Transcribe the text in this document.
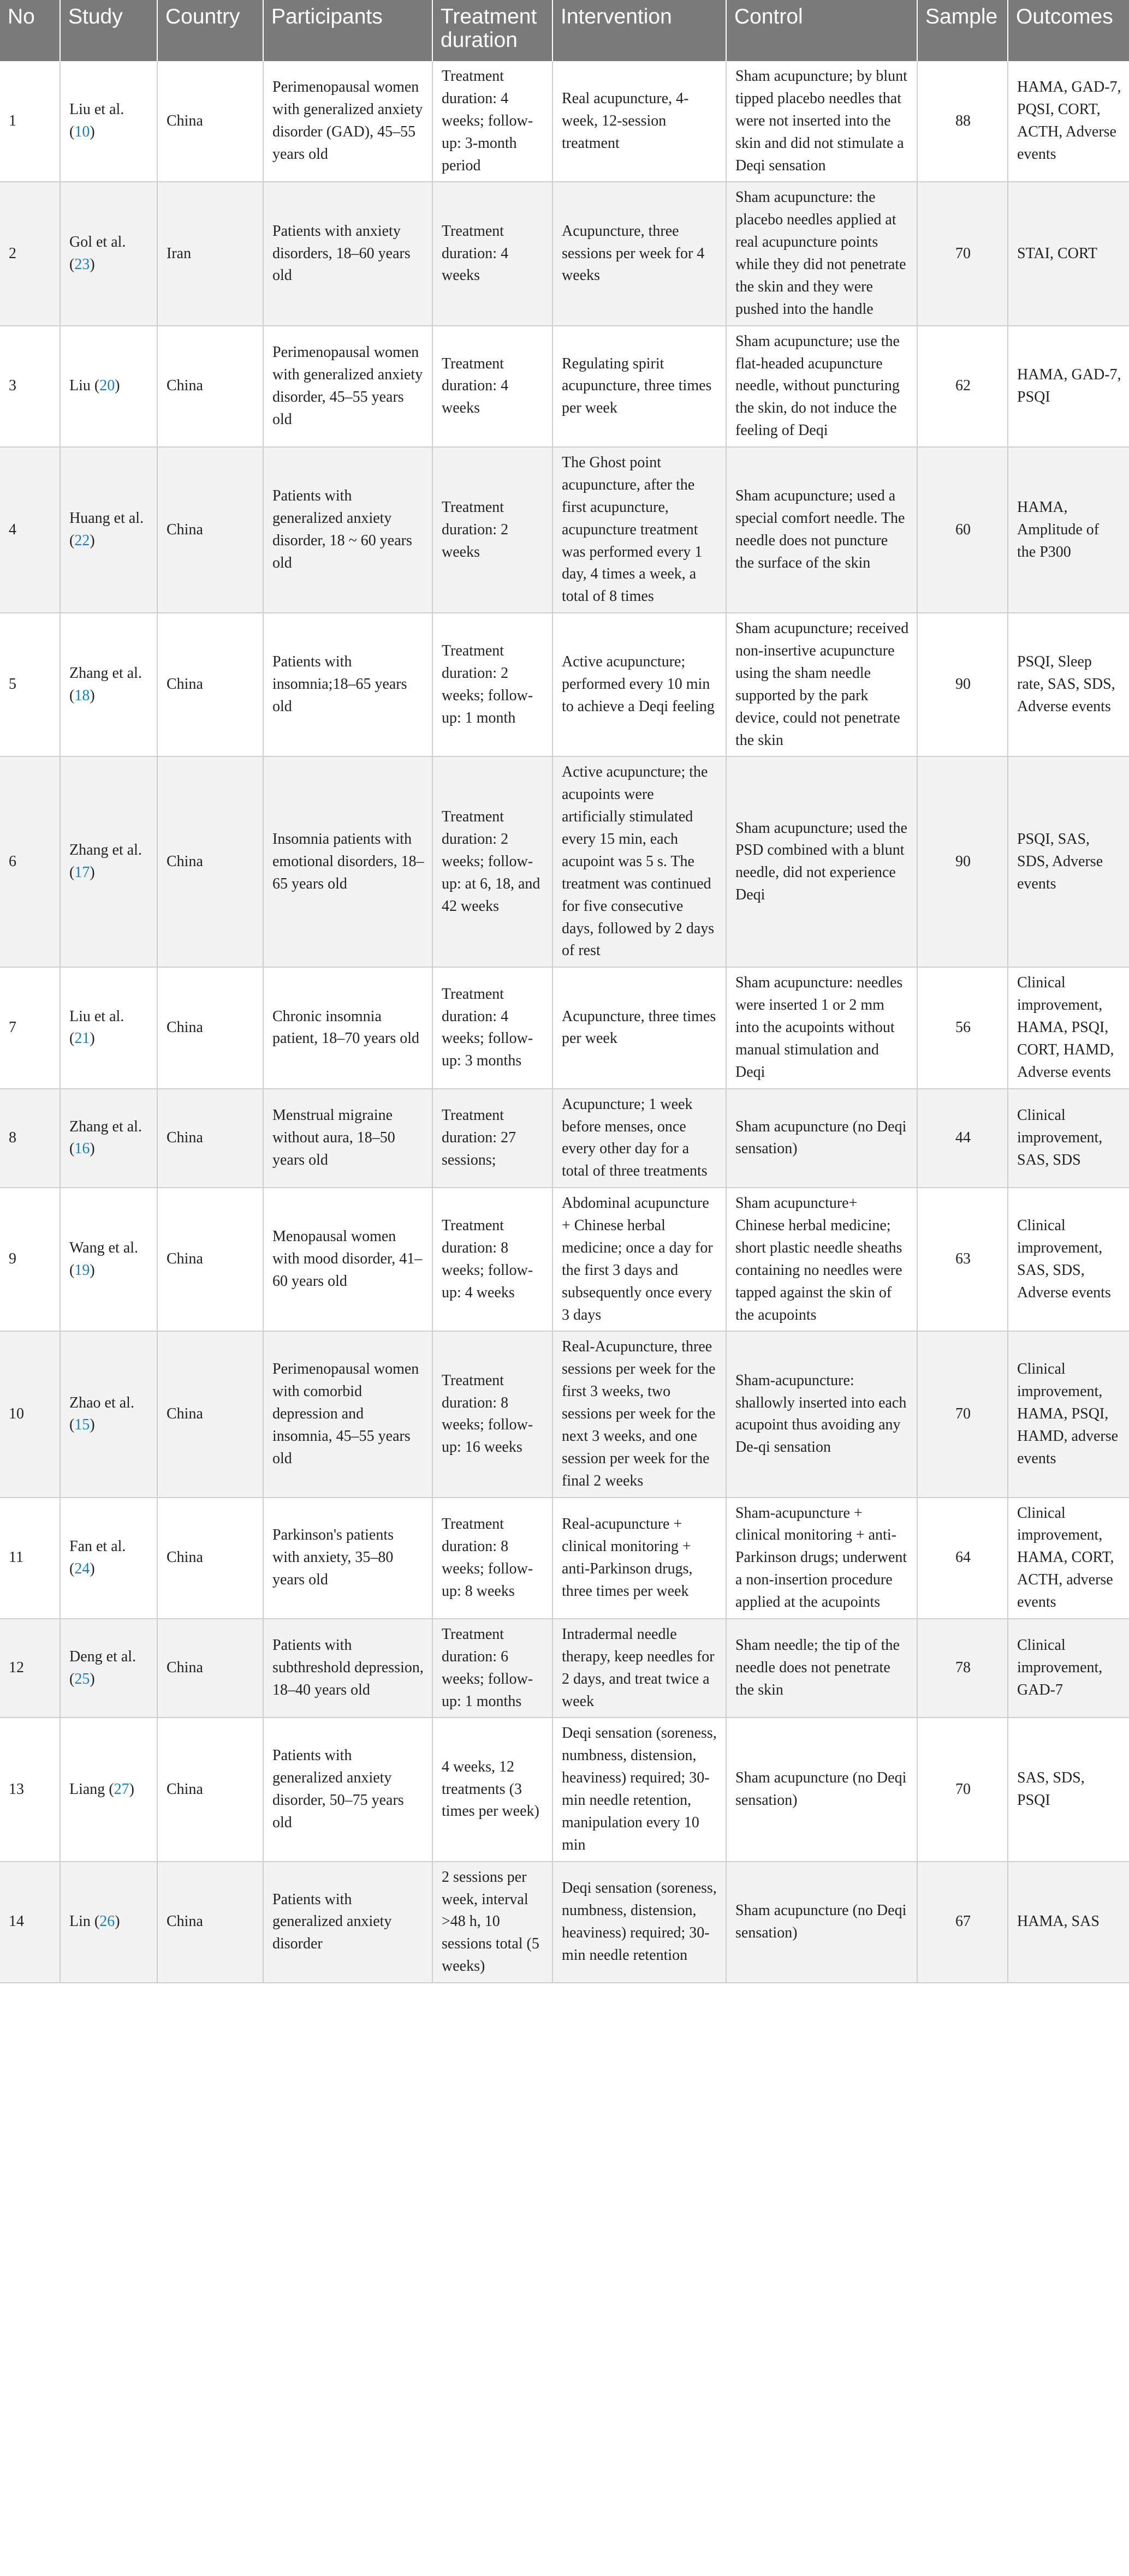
No	Study	Country	Participants	Treatment duration	Intervention	Control	Sample	Outcomes
1	Liu et al. (10)	China	Perimenopausal women with generalized anxiety disorder (GAD), 45–55 years old	Treatment duration: 4 weeks; follow-up: 3-month period	Real acupuncture, 4-week, 12-session treatment	Sham acupuncture; by blunt tipped placebo needles that were not inserted into the skin and did not stimulate a Deqi sensation	88	HAMA, GAD-7, PQSI, CORT, ACTH, Adverse events
2	Gol et al. (23)	Iran	Patients with anxiety disorders, 18–60 years old	Treatment duration: 4 weeks	Acupuncture, three sessions per week for 4 weeks	Sham acupuncture: the placebo needles applied at real acupuncture points while they did not penetrate the skin and they were pushed into the handle	70	STAI, CORT
3	Liu (20)	China	Perimenopausal women with generalized anxiety disorder, 45–55 years old	Treatment duration: 4 weeks	Regulating spirit acupuncture, three times per week	Sham acupuncture; use the flat-headed acupuncture needle, without puncturing the skin, do not induce the feeling of Deqi	62	HAMA, GAD-7, PSQI
4	Huang et al. (22)	China	Patients with generalized anxiety disorder, 18 ~ 60 years old	Treatment duration: 2 weeks	The Ghost point acupuncture, after the first acupuncture, acupuncture treatment was performed every 1 day, 4 times a week, a total of 8 times	Sham acupuncture; used a special comfort needle. The needle does not puncture the surface of the skin	60	HAMA, Amplitude of the P300
5	Zhang et al. (18)	China	Patients with insomnia;18–65 years old	Treatment duration: 2 weeks; follow-up: 1 month	Active acupuncture; performed every 10 min to achieve a Deqi feeling	Sham acupuncture; received non-insertive acupuncture using the sham needle supported by the park device, could not penetrate the skin	90	PSQI, Sleep rate, SAS, SDS, Adverse events
6	Zhang et al. (17)	China	Insomnia patients with emotional disorders, 18–65 years old	Treatment duration: 2 weeks; follow-up: at 6, 18, and 42 weeks	Active acupuncture; the acupoints were artificially stimulated every 15 min, each acupoint was 5 s. The treatment was continued for five consecutive days, followed by 2 days of rest	Sham acupuncture; used the PSD combined with a blunt needle, did not experience Deqi	90	PSQI, SAS, SDS, Adverse events
7	Liu et al. (21)	China	Chronic insomnia patient, 18–70 years old	Treatment duration: 4 weeks; follow-up: 3 months	Acupuncture, three times per week	Sham acupuncture: needles were inserted 1 or 2 mm into the acupoints without manual stimulation and Deqi	56	Clinical improvement, HAMA, PSQI, CORT, HAMD, Adverse events
8	Zhang et al. (16)	China	Menstrual migraine without aura, 18–50 years old	Treatment duration: 27 sessions;	Acupuncture; 1 week before menses, once every other day for a total of three treatments	Sham acupuncture (no Deqi sensation)	44	Clinical improvement, SAS, SDS
9	Wang et al. (19)	China	Menopausal women with mood disorder, 41–60 years old	Treatment duration: 8 weeks; follow-up: 4 weeks	Abdominal acupuncture + Chinese herbal medicine; once a day for the first 3 days and subsequently once every 3 days	Sham acupuncture+ Chinese herbal medicine; short plastic needle sheaths containing no needles were tapped against the skin of the acupoints	63	Clinical improvement, SAS, SDS, Adverse events
10	Zhao et al. (15)	China	Perimenopausal women with comorbid depression and insomnia, 45–55 years old	Treatment duration: 8 weeks; follow-up: 16 weeks	Real-Acupuncture, three sessions per week for the first 3 weeks, two sessions per week for the next 3 weeks, and one session per week for the final 2 weeks	Sham-acupuncture: shallowly inserted into each acupoint thus avoiding any De-qi sensation	70	Clinical improvement, HAMA, PSQI, HAMD, adverse events
11	Fan et al. (24)	China	Parkinson's patients with anxiety, 35–80 years old	Treatment duration: 8 weeks; follow-up: 8 weeks	Real-acupuncture + clinical monitoring + anti-Parkinson drugs, three times per week	Sham-acupuncture + clinical monitoring + anti-Parkinson drugs; underwent a non-insertion procedure applied at the acupoints	64	Clinical improvement, HAMA, CORT, ACTH, adverse events
12	Deng et al. (25)	China	Patients with subthreshold depression, 18–40 years old	Treatment duration: 6 weeks; follow-up: 1 months	Intradermal needle therapy, keep needles for 2 days, and treat twice a week	Sham needle; the tip of the needle does not penetrate the skin	78	Clinical improvement, GAD-7
13	Liang (27)	China	Patients with generalized anxiety disorder, 50–75 years old	4 weeks, 12 treatments (3 times per week)	Deqi sensation (soreness, numbness, distension, heaviness) required; 30-min needle retention, manipulation every 10 min	Sham acupuncture (no Deqi sensation)	70	SAS, SDS, PSQI
14	Lin (26)	China	Patients with generalized anxiety disorder	2 sessions per week, interval >48 h, 10 sessions total (5 weeks)	Deqi sensation (soreness, numbness, distension, heaviness) required; 30-min needle retention	Sham acupuncture (no Deqi sensation)	67	HAMA, SAS
